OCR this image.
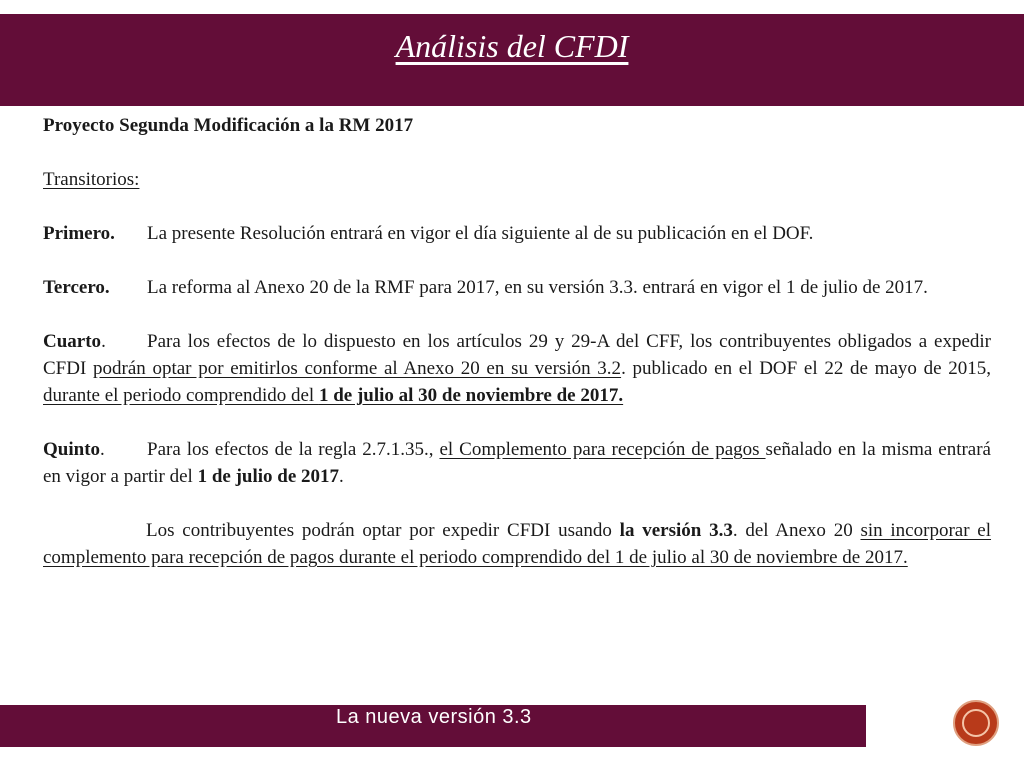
Análisis del CFDI

Proyecto Segunda Modificación a la RM 2017

Transitorios:

Primero. La presente Resolución entrará en vigor el día siguiente al de su publicación en el DOF.

Tercero. La reforma al Anexo 20 de la RMF para 2017, en su versión 3.3. entrará en vigor el 1 de julio de 2017.

Cuarto. Para los efectos de lo dispuesto en los artículos 29 y 29-A del CFF, los contribuyentes obligados a expedir CFDI podrán optar por emitirlos conforme al Anexo 20 en su versión 3.2. publicado en el DOF el 22 de mayo de 2015, durante el periodo comprendido del 1 de julio al 30 de noviembre de 2017.

Quinto. Para los efectos de la regla 2.7.1.35., el Complemento para recepción de pagos señalado en la misma entrará en vigor a partir del 1 de julio de 2017.

Los contribuyentes podrán optar por expedir CFDI usando la versión 3.3. del Anexo 20 sin incorporar el complemento para recepción de pagos durante el periodo comprendido del 1 de julio al 30 de noviembre de 2017.

La nueva versión 3.3
